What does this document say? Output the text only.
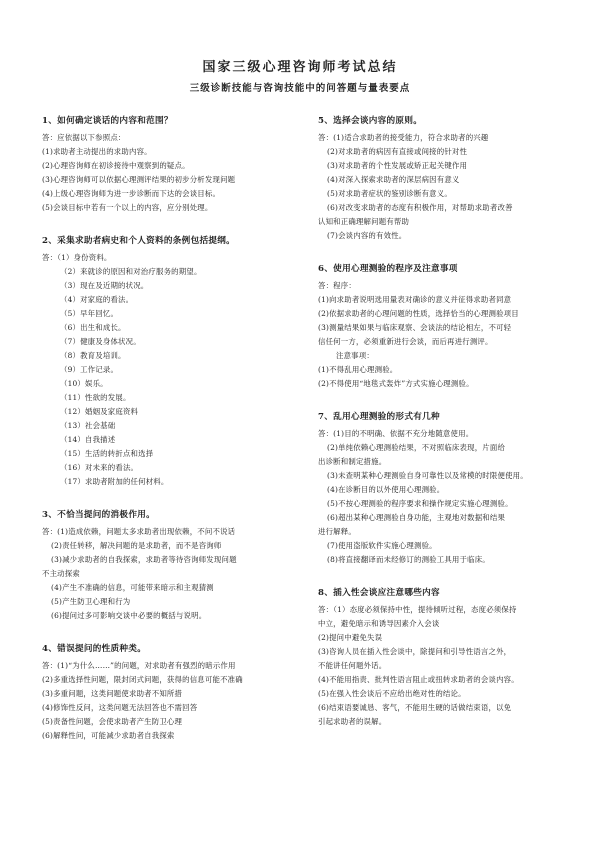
国家三级心理咨询师考试总结
三级诊断技能与咨询技能中的问答题与量表要点
1、如何确定谈话的内容和范围？

答：应依据以下参照点：

(1)求助者主动提出的求助内容。

(2)心理咨询师在初诊接待中观察到的疑点。

(3)心理咨询师可以依据心理测评结果的初步分析发现问题

(4)上级心理咨询师为进一步诊断而下达的会谈目标。

(5)会谈目标中若有一个以上的内容，应分别处理。

2、采集求助者病史和个人资料的条例包括提纲。

答：（1）身份资料。

（2）来就诊的原因和对治疗服务的期望。

（3）现在及近期的状况。

（4）对家庭的看法。

（5）早年回忆。

（6）出生和成长。

（7）健康及身体状况。

（8）教育及培训。

（9）工作记录。

（10）娱乐。

（11）性欲的发展。

（12）婚姻及家庭资料

（13）社会基础

（14）自我描述

（15）生活的转折点和选择

（16）对未来的看法。

（17）求助者附加的任何材料。

3、不恰当提问的消极作用。

答：(1)造成依赖，问题太多求助者出现依赖，不问不说话

(2)责任转移，解决问题的是求助者，而不是咨询师

(3)减少求助者的自我探索，求助者等待咨询师发现问题

不主动探索

(4)产生不准确的信息，可能带来暗示和主观猜测

(5)产生防卫心理和行为

(6)提问过多可影响交谈中必要的概括与说明。

4、错误提问的性质种类。

答：(1)“为什么……”的问题，对求助者有强烈的暗示作用

(2)多重选择性问题，限封闭式问题，获得的信息可能不准确

(3)多重问题，这类问题使求助者不知所措

(4)修饰性反问，这类问题无法回答也不需回答

(5)责备性问题，会使求助者产生防卫心理

(6)解释性问，可能减少求助者自我探索

5、选择会谈内容的原则。

答：(1)适合求助者的接受能力，符合求助者的兴趣

(2)对求助者的病因有直接或间接的针对性

(3)对求助者的个性发展或矫正起关键作用

(4)对深入探索求助者的深层病因有意义

(5)对求助者症状的鉴别诊断有意义。

(6)对改变求助者的态度有积极作用，对帮助求助者改善

认知和正确理解问题有帮助

(7)会谈内容的有效性。

6、使用心理测验的程序及注意事项

答：程序：

(1)向求助者说明选用量表对确诊的意义并征得求助者同意

(2)依据求助者的心理问题的性质，选择恰当的心理测验项目

(3)测量结果如果与临床观察、会谈法的结论相左，不可轻

信任何一方，必须重新进行会谈，而后再进行测评。

注意事项：

(1)不得乱用心理测验。

(2)不得使用“地毯式轰炸”方式实施心理测验。

7、乱用心理测验的形式有几种

答：(1)目的不明确、依据不充分地随意使用。

(2)单纯依赖心理测验结果，不对照临床表现，片面给

出诊断和制定措施。

(3)未查明某种心理测验自身可靠性以及常模的时限便使用。

(4)在诊断目的以外使用心理测验。

(5)不按心理测验的程序要求和操作规定实施心理测验。

(6)超出某种心理测验自身功能，主观地对数据和结果

进行解释。

(7)使用盗版软件实施心理测验。

(8)将直接翻译而未经修订的测验工具用于临床。

8、插入性会谈应注意哪些内容

答：（1）态度必须保持中性，提待倾听过程，态度必须保持

中立，避免暗示和诱导因素介入会谈

(2)提问中避免失误

(3)咨询人员在插入性会谈中，除提问和引导性语言之外，

不能讲任何题外话。

(4)不能用指责、批判性语言阻止或扭转求助者的会谈内容。

(5)在强入性会谈后不应给出绝对性的结论。

(6)结束语要诚恳、客气，不能用生硬的话做结束语，以免

引起求助者的误解。
